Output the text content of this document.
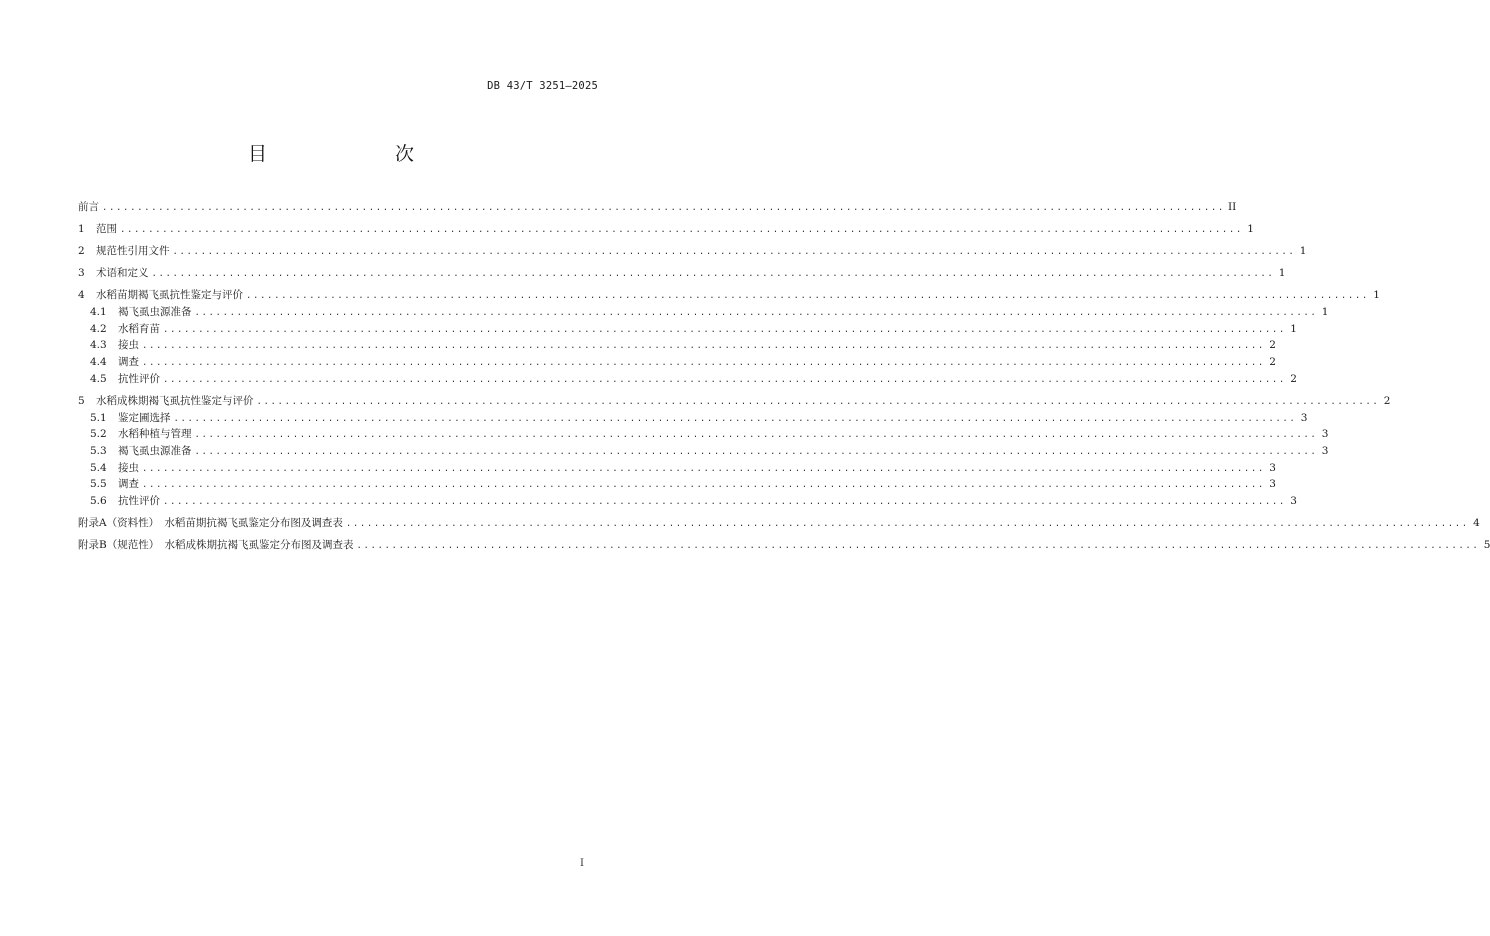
DB 43/T 3251—2025
目　　次
前言 ................................................................................................................................................................ II
1	范围 ................................................................................................................................................................ 1
2	规范性引用文件 ................................................................................................................................................................ 1
3	术语和定义 ................................................................................................................................................................ 1
4	水稻苗期褐飞虱抗性鉴定与评价 ................................................................................................................................................................ 1
4.1	褐飞虱虫源准备 ................................................................................................................................................................ 1
4.2	水稻育苗 ................................................................................................................................................................ 1
4.3	接虫 ................................................................................................................................................................ 2
4.4	调查 ................................................................................................................................................................ 2
4.5	抗性评价 ................................................................................................................................................................ 2
5	水稻成株期褐飞虱抗性鉴定与评价 ................................................................................................................................................................ 2
5.1	鉴定圃选择 ................................................................................................................................................................ 3
5.2	水稻种植与管理 ................................................................................................................................................................ 3
5.3	褐飞虱虫源准备 ................................................................................................................................................................ 3
5.4	接虫 ................................................................................................................................................................ 3
5.5	调查 ................................................................................................................................................................ 3
5.6	抗性评价 ................................................................................................................................................................ 3
附录A（资料性）　水稻苗期抗褐飞虱鉴定分布图及调查表 ................................................................................................................................................................ 4
附录B（规范性）　水稻成株期抗褐飞虱鉴定分布图及调查表 ................................................................................................................................................................ 5
I
